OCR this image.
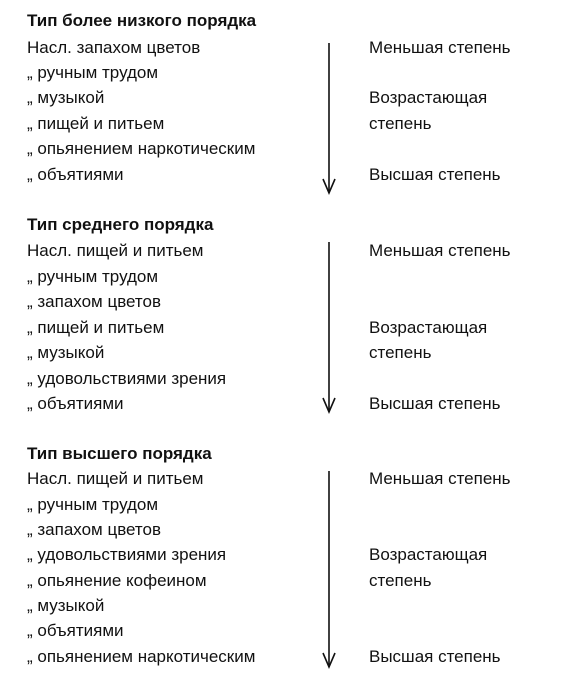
Тип более низкого порядка
Насл. запахом цветов
„ ручным трудом
„ музыкой
„ пищей и питьем
„ опьянением наркотическим
„ объятиями
Меньшая степень
Возрастающая
степень
Высшая степень
Тип среднего порядка
Насл. пищей и питьем
„ ручным трудом
„ запахом цветов
„ пищей и питьем
„ музыкой
„ удовольствиями зрения
„ объятиями
Меньшая степень
Возрастающая
степень
Высшая степень
Тип высшего порядка
Насл. пищей и питьем
„ ручным трудом
„ запахом цветов
„ удовольствиями зрения
„ опьянение кофеином
„ музыкой
„ объятиями
„ опьянением наркотическим
Меньшая степень
Возрастающая
степень
Высшая степень
